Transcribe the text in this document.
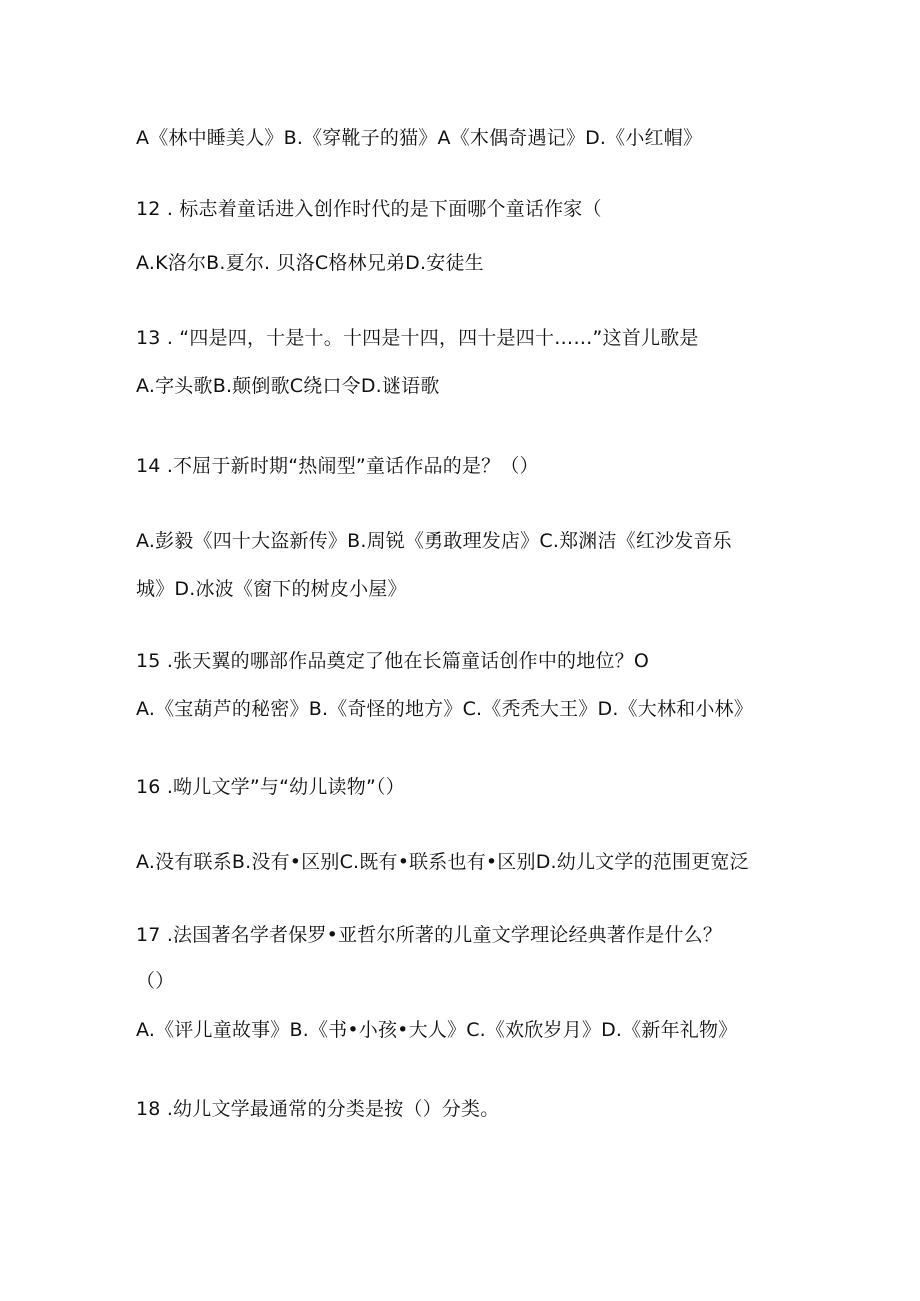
A《林中睡美人》B.《穿靴子的猫》A《木偶奇遇记》D.《小红帽》
12 . 标志着童话进入创作时代的是下面哪个童话作家（
A.K洛尔B.夏尔. 贝洛C格林兄弟D.安徒生
13 . “四是四，十是十。十四是十四，四十是四十……”这首儿歌是
A.字头歌B.颠倒歌C绕口令D.谜语歌
14 .不屈于新时期“热闹型”童话作品的是？（）
A.彭毅《四十大盗新传》B.周锐《勇敢理发店》C.郑渊洁《红沙发音乐
城》D.冰波《窗下的树皮小屋》
15 .张天翼的哪部作品奠定了他在长篇童话创作中的地位？O
A.《宝葫芦的秘密》B.《奇怪的地方》C.《秃秃大王》D.《大林和小林》
16 .呦儿文学”与“幼儿读物”（）
A.没有联系B.没有•区别C.既有•联系也有•区别D.幼儿文学的范围更宽泛
17 .法国著名学者保罗•亚哲尔所著的儿童文学理论经典著作是什么？
（）
A.《评儿童故事》B.《书•小孩•大人》C.《欢欣岁月》D.《新年礼物》
18 .幼儿文学最通常的分类是按（）分类。
